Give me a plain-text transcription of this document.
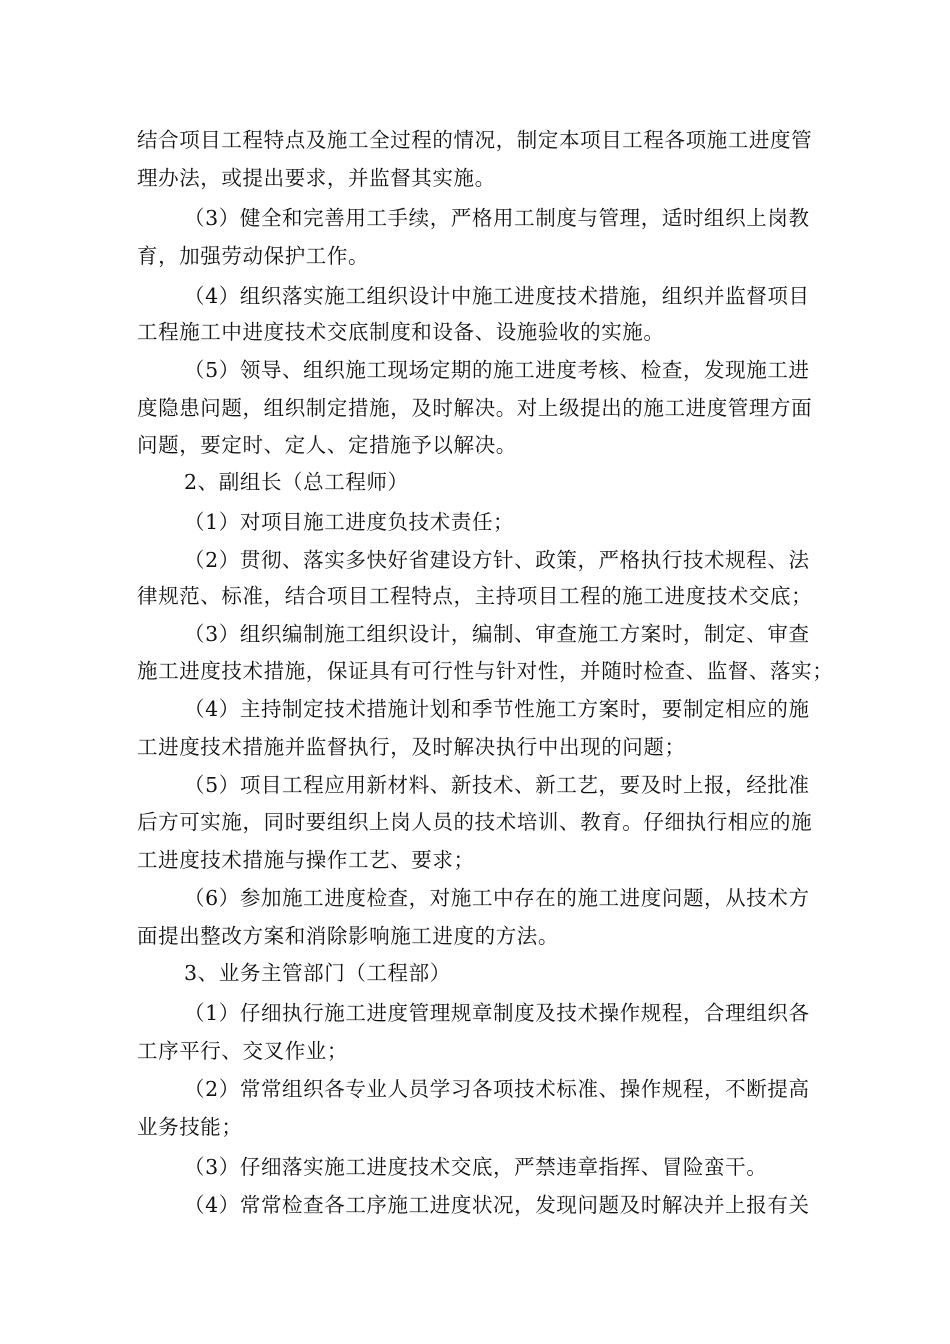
结合项目工程特点及施工全过程的情况，制定本项目工程各项施工进度管
理办法，或提出要求，并监督其实施。
（3）健全和完善用工手续，严格用工制度与管理，适时组织上岗教
育，加强劳动保护工作。
（4）组织落实施工组织设计中施工进度技术措施，组织并监督项目
工程施工中进度技术交底制度和设备、设施验收的实施。
（5）领导、组织施工现场定期的施工进度考核、检查，发现施工进
度隐患问题，组织制定措施，及时解决。对上级提出的施工进度管理方面
问题，要定时、定人、定措施予以解决。
2、副组长（总工程师）
（1）对项目施工进度负技术责任；
（2）贯彻、落实多快好省建设方针、政策，严格执行技术规程、法
律规范、标准，结合项目工程特点，主持项目工程的施工进度技术交底；
（3）组织编制施工组织设计，编制、审查施工方案时，制定、审查
施工进度技术措施，保证具有可行性与针对性，并随时检查、监督、落实；
（4）主持制定技术措施计划和季节性施工方案时，要制定相应的施
工进度技术措施并监督执行，及时解决执行中出现的问题；
（5）项目工程应用新材料、新技术、新工艺，要及时上报，经批准
后方可实施，同时要组织上岗人员的技术培训、教育。仔细执行相应的施
工进度技术措施与操作工艺、要求；
（6）参加施工进度检查，对施工中存在的施工进度问题，从技术方
面提出整改方案和消除影响施工进度的方法。
3、业务主管部门（工程部）
（1）仔细执行施工进度管理规章制度及技术操作规程，合理组织各
工序平行、交叉作业；
（2）常常组织各专业人员学习各项技术标准、操作规程，不断提高
业务技能；
（3）仔细落实施工进度技术交底，严禁违章指挥、冒险蛮干。
（4）常常检查各工序施工进度状况，发现问题及时解决并上报有关
